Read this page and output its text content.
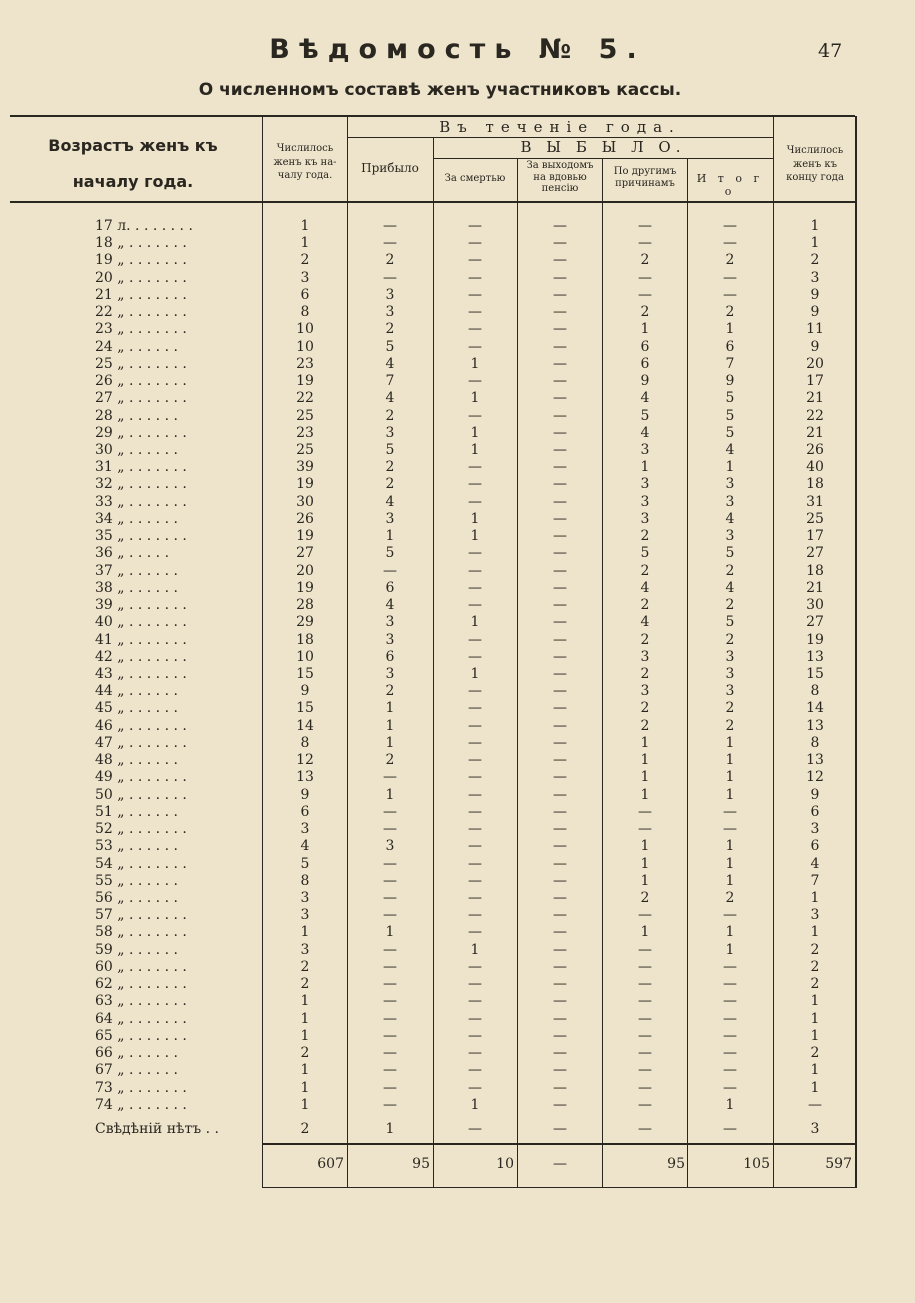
Вѣдомость № 5.	47
О численномъ составѣ женъ участниковъ кассы.
Возрастъ женъ къ началу года.
Числилось женъ къ на-чалу года.
Въ теченіе года.
Прибыло
В Ы Б Ы Л О.
За смертью
За выходомъ на вдовью пенсію
По другимъ причинамъ	И т о г о
Числилось женъ къ концу года
17 л. . . . . . . .	1	—	—	—	—	—	1
18 „ . . . . . . .	1	—	—	—	—	—	1
19 „ . . . . . . .	2	2	—	—	2	2	2
20 „ . . . . . . .	3	—	—	—	—	—	3
21 „ . . . . . . .	6	3	—	—	—	—	9
22 „ . . . . . . .	8	3	—	—	2	2	9
23 „ . . . . . . .	10	2	—	—	1	1	11
24 „ . . . . . .	10	5	—	—	6	6	9
25 „ . . . . . . .	23	4	1	—	6	7	20
26 „ . . . . . . .	19	7	—	—	9	9	17
27 „ . . . . . . .	22	4	1	—	4	5	21
28 „ . . . . . .	25	2	—	—	5	5	22
29 „ . . . . . . .	23	3	1	—	4	5	21
30 „ . . . . . .	25	5	1	—	3	4	26
31 „ . . . . . . .	39	2	—	—	1	1	40
32 „ . . . . . . .	19	2	—	—	3	3	18
33 „ . . . . . . .	30	4	—	—	3	3	31
34 „ . . . . . .	26	3	1	—	3	4	25
35 „ . . . . . . .	19	1	1	—	2	3	17
36 „ . . . . .	27	5	—	—	5	5	27
37 „ . . . . . .	20	—	—	—	2	2	18
38 „ . . . . . .	19	6	—	—	4	4	21
39 „ . . . . . . .	28	4	—	—	2	2	30
40 „ . . . . . . .	29	3	1	—	4	5	27
41 „ . . . . . . .	18	3	—	—	2	2	19
42 „ . . . . . . .	10	6	—	—	3	3	13
43 „ . . . . . . .	15	3	1	—	2	3	15
44 „ . . . . . .	9	2	—	—	3	3	8
45 „ . . . . . .	15	1	—	—	2	2	14
46 „ . . . . . . .	14	1	—	—	2	2	13
47 „ . . . . . . .	8	1	—	—	1	1	8
48 „ . . . . . .	12	2	—	—	1	1	13
49 „ . . . . . . .	13	—	—	—	1	1	12
50 „ . . . . . . .	9	1	—	—	1	1	9
51 „ . . . . . .	6	—	—	—	—	—	6
52 „ . . . . . . .	3	—	—	—	—	—	3
53 „ . . . . . .	4	3	—	—	1	1	6
54 „ . . . . . . .	5	—	—	—	1	1	4
55 „ . . . . . .	8	—	—	—	1	1	7
56 „ . . . . . .	3	—	—	—	2	2	1
57 „ . . . . . . .	3	—	—	—	—	—	3
58 „ . . . . . . .	1	1	—	—	1	1	1
59 „ . . . . . .	3	—	1	—	—	1	2
60 „ . . . . . . .	2	—	—	—	—	—	2
62 „ . . . . . . .	2	—	—	—	—	—	2
63 „ . . . . . . .	1	—	—	—	—	—	1
64 „ . . . . . . .	1	—	—	—	—	—	1
65 „ . . . . . . .	1	—	—	—	—	—	1
66 „ . . . . . .	2	—	—	—	—	—	2
67 „ . . . . . .	1	—	—	—	—	—	1
73 „ . . . . . . .	1	—	—	—	—	—	1
74 „ . . . . . . .	1	—	1	—	—	1	—
Свѣдѣній нѣтъ . .	2	1	—	—	—	—	3
607	95	10	—	95	105	597
